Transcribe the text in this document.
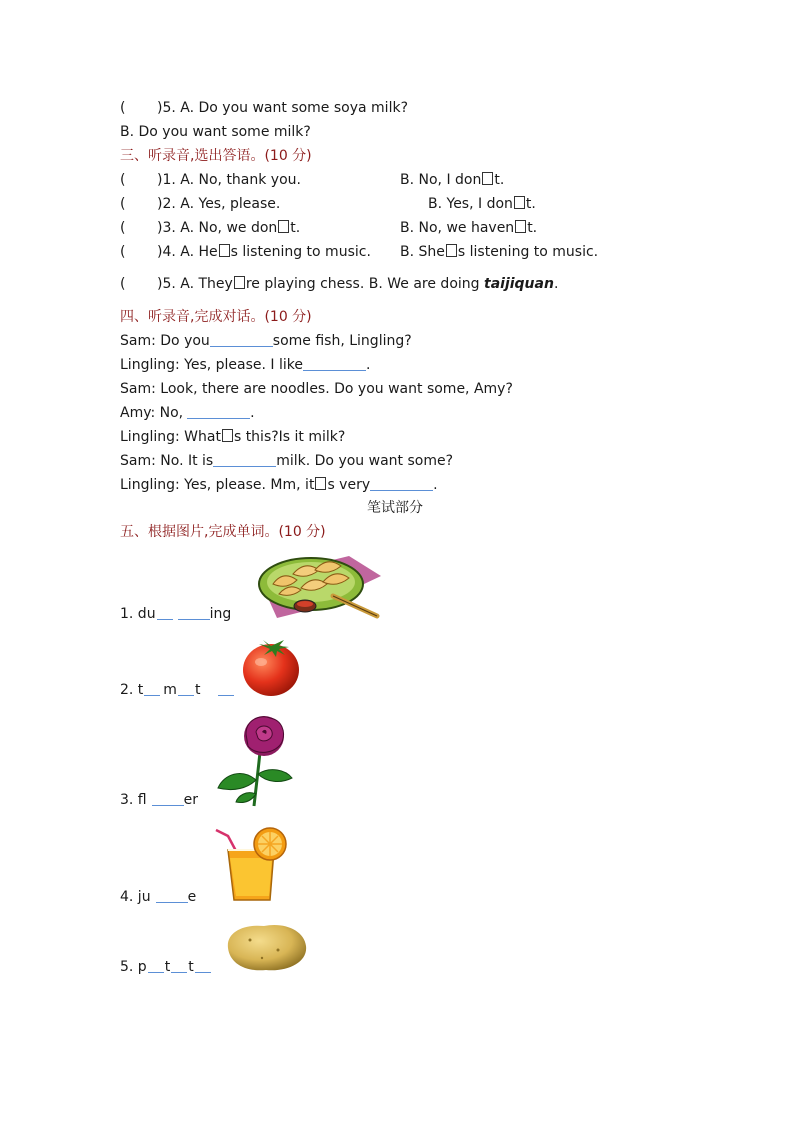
( )5. A. Do you want some soya milk?
B. Do you want some milk?
三、听录音,选出答语。(10 分)
( )1. A. No, thank you.	B. No, I don t.
( )2. A. Yes, please.	B. Yes, I don t.
( )3. A. No, we don t.	B. No, we haven t.
( )4. A. He s listening to music. B. She s listening to music.
( )5. A. They re playing chess. B. We are doing taijiquan.
四、听录音,完成对话。(10 分)
Sam: Do you	some fish, Lingling?
Lingling: Yes, please. I like	.
Sam: Look, there are noodles. Do you want some, Amy?
Amy: No,	.
Lingling: What s this?Is it milk?
Sam: No. It is	milk. Do you want some?
Lingling: Yes, please. Mm, it s very	.
笔试部分
五、根据图片,完成单词。(10 分)
1. du	ing
2. t m t
3. fl	er
4. ju	e
5. p t t
